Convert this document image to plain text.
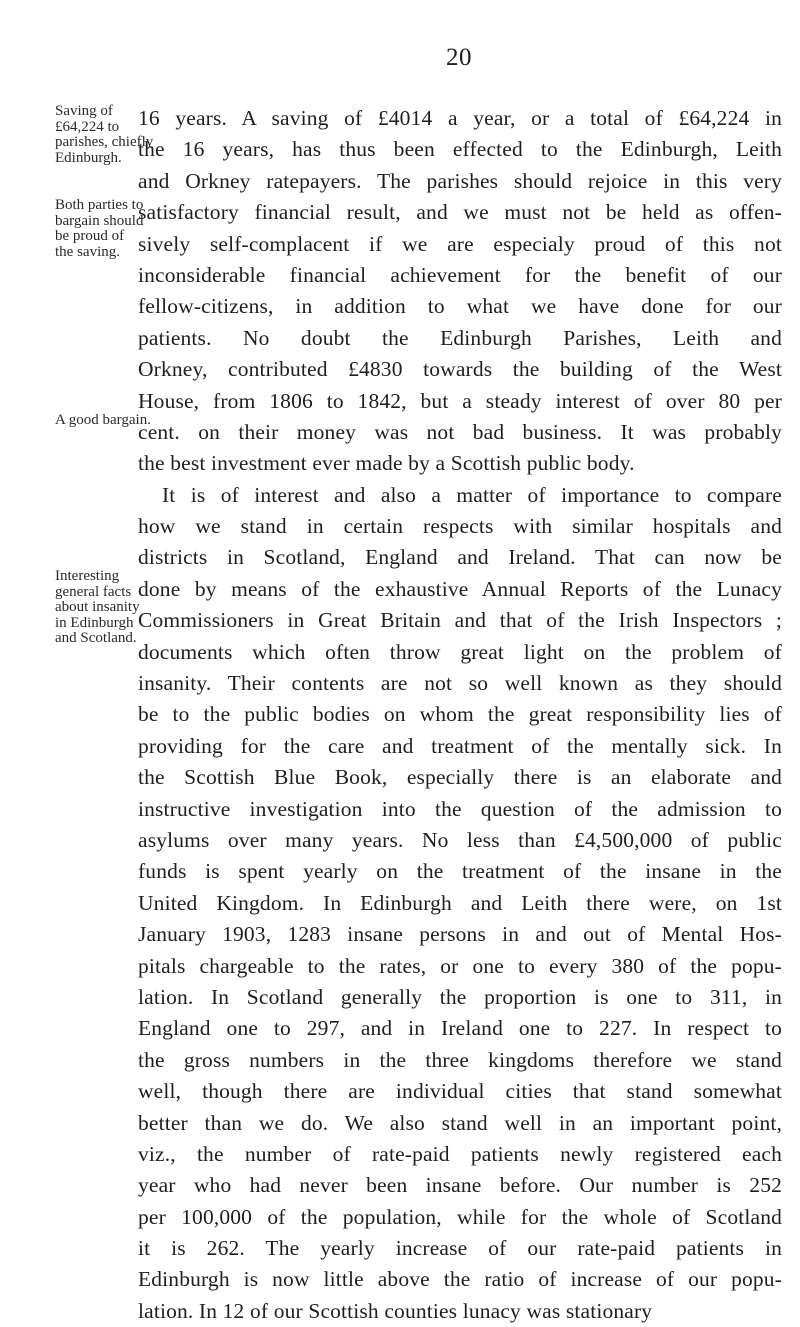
20
Saving of
£64,224 to
parishes, chiefly
Edinburgh.
Both parties to
bargain should
be proud of
the saving.
A good bargain.
Interesting
general facts
about insanity
in Edinburgh
and Scotland.
16 years. A saving of £4014 a year, or a total of £64,224 in
the 16 years, has thus been effected to the Edinburgh, Leith
and Orkney ratepayers. The parishes should rejoice in this very
satisfactory financial result, and we must not be held as offen-
sively self-complacent if we are especialy proud of this not
inconsiderable financial achievement for the benefit of our
fellow-citizens, in addition to what we have done for our
patients. No doubt the Edinburgh Parishes, Leith and
Orkney, contributed £4830 towards the building of the West
House, from 1806 to 1842, but a steady interest of over 80 per
cent. on their money was not bad business. It was probably
the best investment ever made by a Scottish public body.
It is of interest and also a matter of importance to compare
how we stand in certain respects with similar hospitals and
districts in Scotland, England and Ireland. That can now be
done by means of the exhaustive Annual Reports of the Lunacy
Commissioners in Great Britain and that of the Irish Inspectors ;
documents which often throw great light on the problem of
insanity. Their contents are not so well known as they should
be to the public bodies on whom the great responsibility lies of
providing for the care and treatment of the mentally sick. In
the Scottish Blue Book, especially there is an elaborate and
instructive investigation into the question of the admission to
asylums over many years. No less than £4,500,000 of public
funds is spent yearly on the treatment of the insane in the
United Kingdom. In Edinburgh and Leith there were, on 1st
January 1903, 1283 insane persons in and out of Mental Hos-
pitals chargeable to the rates, or one to every 380 of the popu-
lation. In Scotland generally the proportion is one to 311, in
England one to 297, and in Ireland one to 227. In respect to
the gross numbers in the three kingdoms therefore we stand
well, though there are individual cities that stand somewhat
better than we do. We also stand well in an important point,
viz., the number of rate-paid patients newly registered each
year who had never been insane before. Our number is 252
per 100,000 of the population, while for the whole of Scotland
it is 262. The yearly increase of our rate-paid patients in
Edinburgh is now little above the ratio of increase of our popu-
lation. In 12 of our Scottish counties lunacy was stationary
